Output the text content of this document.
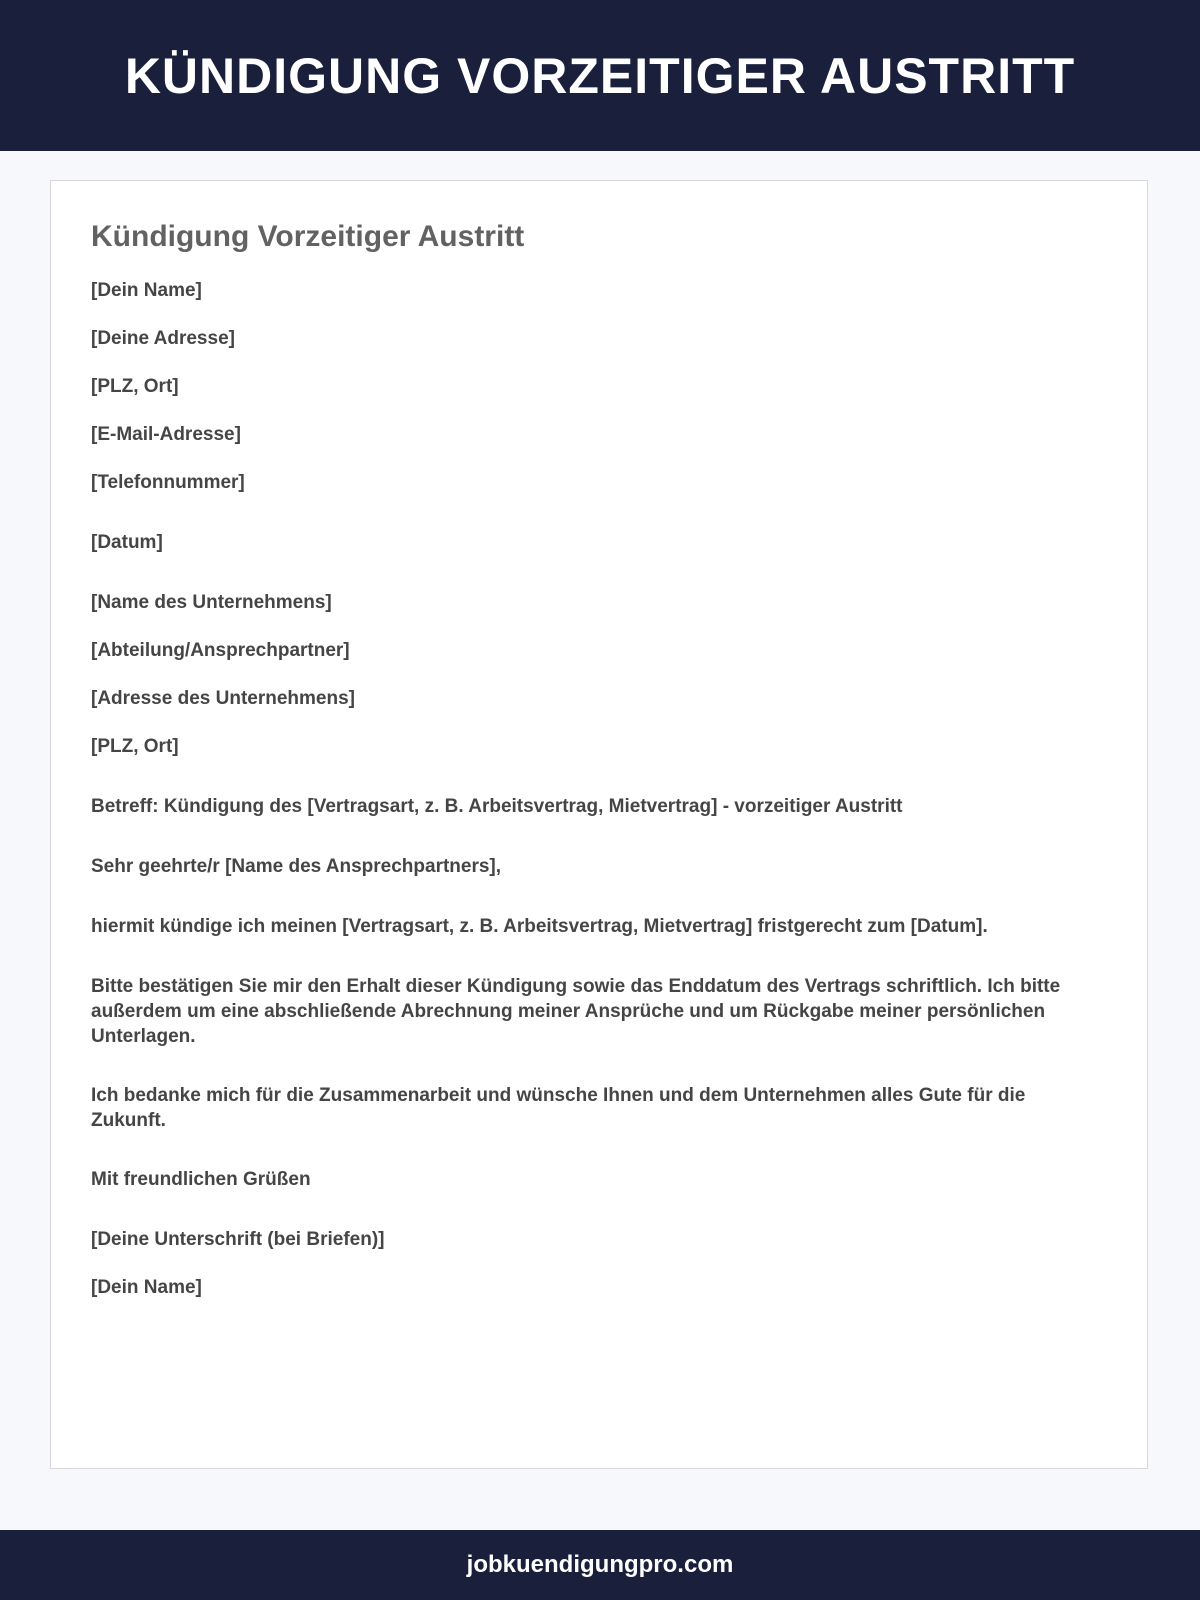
KÜNDIGUNG VORZEITIGER AUSTRITT
Kündigung Vorzeitiger Austritt

[Dein Name]

[Deine Adresse]

[PLZ, Ort]

[E-Mail-Adresse]

[Telefonnummer]

[Datum]

[Name des Unternehmens]

[Abteilung/Ansprechpartner]

[Adresse des Unternehmens]

[PLZ, Ort]

Betreff: Kündigung des [Vertragsart, z. B. Arbeitsvertrag, Mietvertrag] - vorzeitiger Austritt

Sehr geehrte/r [Name des Ansprechpartners],

hiermit kündige ich meinen [Vertragsart, z. B. Arbeitsvertrag, Mietvertrag] fristgerecht zum [Datum].

Bitte bestätigen Sie mir den Erhalt dieser Kündigung sowie das Enddatum des Vertrags schriftlich. Ich bitte außerdem um eine abschließende Abrechnung meiner Ansprüche und um Rückgabe meiner persönlichen Unterlagen.

Ich bedanke mich für die Zusammenarbeit und wünsche Ihnen und dem Unternehmen alles Gute für die Zukunft.

Mit freundlichen Grüßen

[Deine Unterschrift (bei Briefen)]

[Dein Name]

jobkuendigungpro.com
